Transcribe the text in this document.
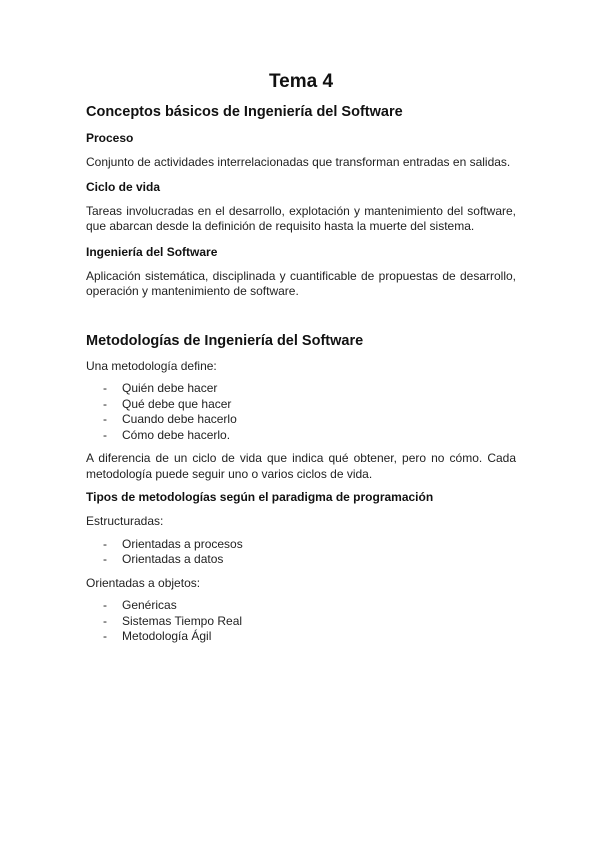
Tema 4
Conceptos básicos de Ingeniería del Software
Proceso
Conjunto de actividades interrelacionadas que transforman entradas en salidas.
Ciclo de vida
Tareas involucradas en el desarrollo, explotación y mantenimiento del software, que abarcan desde la definición de requisito hasta la muerte del sistema.
Ingeniería del Software
Aplicación sistemática, disciplinada y cuantificable de propuestas de desarrollo, operación y mantenimiento de software.
Metodologías de Ingeniería del Software
Una metodología define:
- Quién debe hacer
- Qué debe que hacer
- Cuando debe hacerlo
- Cómo debe hacerlo.
A diferencia de un ciclo de vida que indica qué obtener, pero no cómo. Cada metodología puede seguir uno o varios ciclos de vida.
Tipos de metodologías según el paradigma de programación
Estructuradas:
- Orientadas a procesos
- Orientadas a datos
Orientadas a objetos:
- Genéricas
- Sistemas Tiempo Real
- Metodología Ágil
